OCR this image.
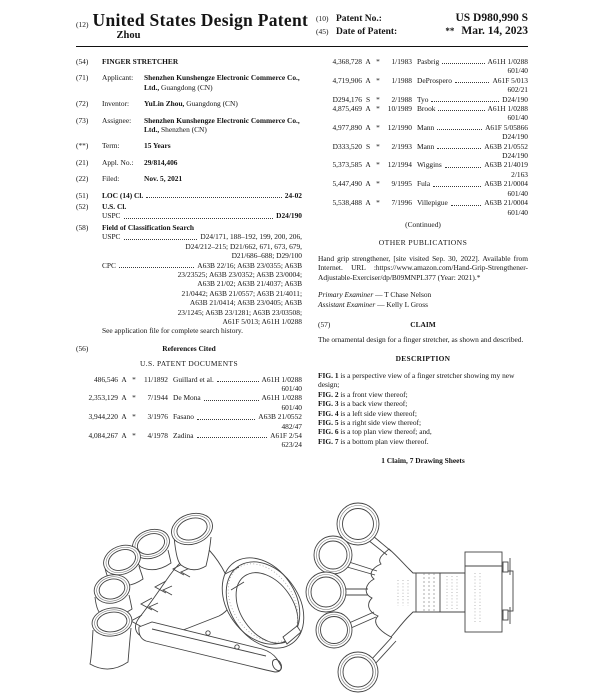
(12) United States Design Patent
Zhou
(10) Patent No.:	US D980,990 S
(45) Date of Patent:	** Mar. 14, 2023
(54)	FINGER STRETCHER
(71)	Applicant:	Shenzhen Kunshengze Electronic Commerce Co., Ltd., Guangdong (CN)
(72)	Inventor:	YuLin Zhou, Guangdong (CN)
(73)	Assignee:	Shenzhen Kunshengze Electronic Commerce Co., Ltd., Shenzhen (CN)
(**)	Term:	15 Years
(21)	Appl. No.:	29/814,406
(22)	Filed:	Nov. 5, 2021
(51)	LOC (14) Cl.	24-02
(52)	U.S. Cl.
USPC	D24/190
(58)	Field of Classification Search
USPC	D24/171, 188–192, 199, 200, 206,
D24/212–215; D21/662, 671, 673, 679,
D21/686–688; D29/100
CPC	A63B 22/16; A63B 23/0355; A63B
23/23525; A63B 23/0352; A63B 23/0004;
A63B 21/02; A63B 21/4037; A63B
21/0442; A63B 21/0557; A63B 21/4011;
A63B 21/0414; A63B 23/0405; A63B
23/1245; A63B 23/1281; A63B 23/03508;
A61F 5/013; A61H 1/0288
See application file for complete search history.
(56)	References Cited
U.S. PATENT DOCUMENTS
486,546 A *	11/1892 Guillard et al.	A61H 1/0288
601/40
2,353,129 A *	7/1944 De Mona	A61H 1/0288
601/40
3,944,220 A *	3/1976 Fasano	A63B 21/0552
482/47
4,084,267 A *	4/1978 Zadina	A61F 2/54
623/24
4,368,728 A *	1/1983 Pasbrig	A61H 1/0288
601/40
4,719,906 A *	1/1988 DeProspero	A61F 5/013
602/21
D294,176 S *	2/1988 Tyo	D24/190
4,875,469 A *	10/1989 Brook	A61H 1/0288
601/40
4,977,890 A *	12/1990 Mann	A61F 5/05866
D24/190
D333,520 S *	2/1993 Mann	A63B 21/0552
D24/190
5,373,585 A *	12/1994 Wiggins	A63B 21/4019
2/163
5,447,490 A *	9/1995 Fula	A63B 21/0004
601/40
5,538,488 A *	7/1996 Villepigue	A63B 21/0004
601/40
(Continued)
OTHER PUBLICATIONS
Hand grip strengthener, [site visited Sep. 30, 2022]. Available from Internet. URL :https://www.amazon.com/Hand-Grip-Strengthener-Adjustable-Exerciser/dp/B09MNPL377 (Year: 2021).*
Primary Examiner — T Chase Nelson
Assistant Examiner — Kelly L Gross
(57)	CLAIM
The ornamental design for a finger stretcher, as shown and described.
DESCRIPTION
FIG. 1 is a perspective view of a finger stretcher showing my new design;
FIG. 2 is a front view thereof;
FIG. 3 is a back view thereof;
FIG. 4 is a left side view thereof;
FIG. 5 is a right side view thereof;
FIG. 6 is a top plan view thereof; and,
FIG. 7 is a bottom plan view thereof.
1 Claim, 7 Drawing Sheets
